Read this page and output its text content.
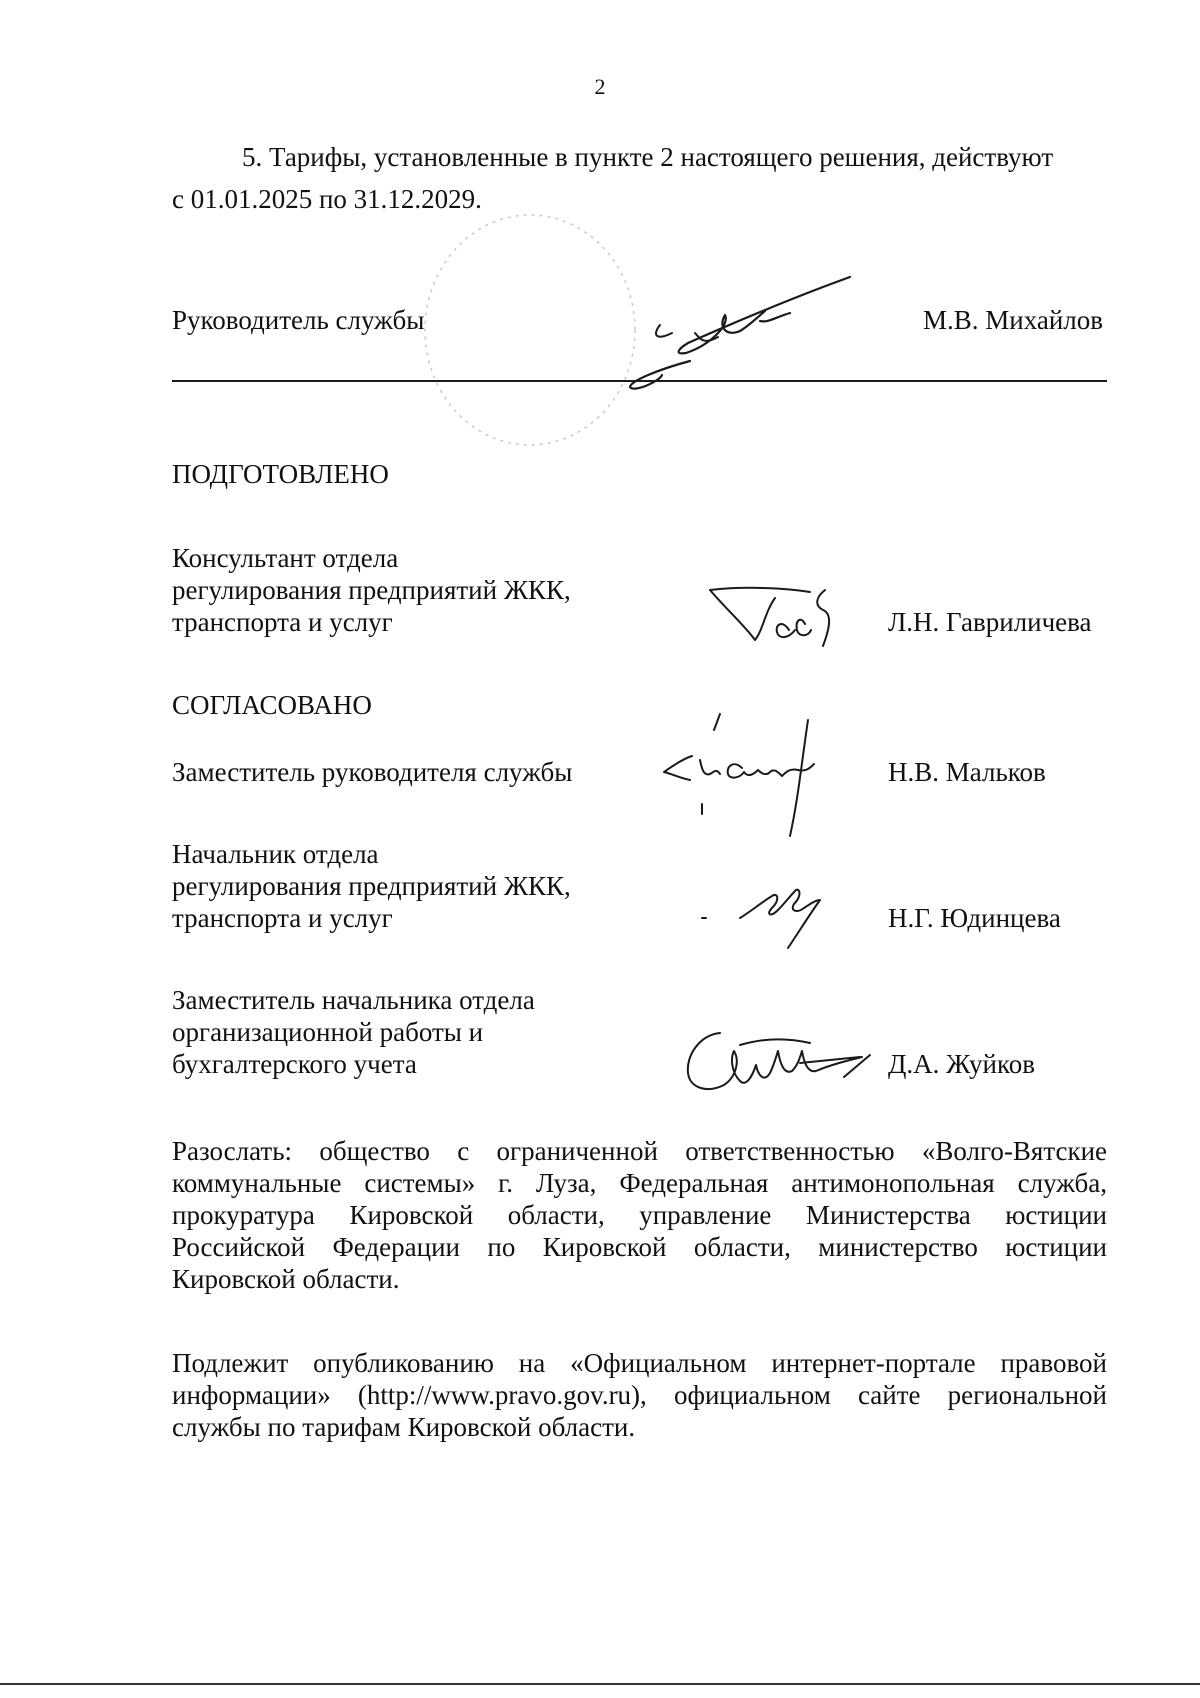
2
5. Тарифы, установленные в пункте 2 настоящего решения, действуют
с 01.01.2025 по 31.12.2029.
Руководитель службы	М.В. Михайлов
ПОДГОТОВЛЕНО
Консультант отдела
регулирования предприятий ЖКК,
транспорта и услуг	Л.Н. Гавриличева
СОГЛАСОВАНО
Заместитель руководителя службы	Н.В. Мальков
Начальник отдела
регулирования предприятий ЖКК,
транспорта и услуг	Н.Г. Юдинцева
Заместитель начальника отдела
организационной работы и
бухгалтерского учета	Д.А. Жуйков
Разослать: общество с ограниченной ответственностью «Волго-Вятские
коммунальные системы» г. Луза, Федеральная антимонопольная служба,
прокуратура Кировской области, управление Министерства юстиции
Российской Федерации по Кировской области, министерство юстиции
Кировской области.
Подлежит опубликованию на «Официальном интернет-портале правовой
информации» (http://www.pravo.gov.ru), официальном сайте региональной
службы по тарифам Кировской области.
